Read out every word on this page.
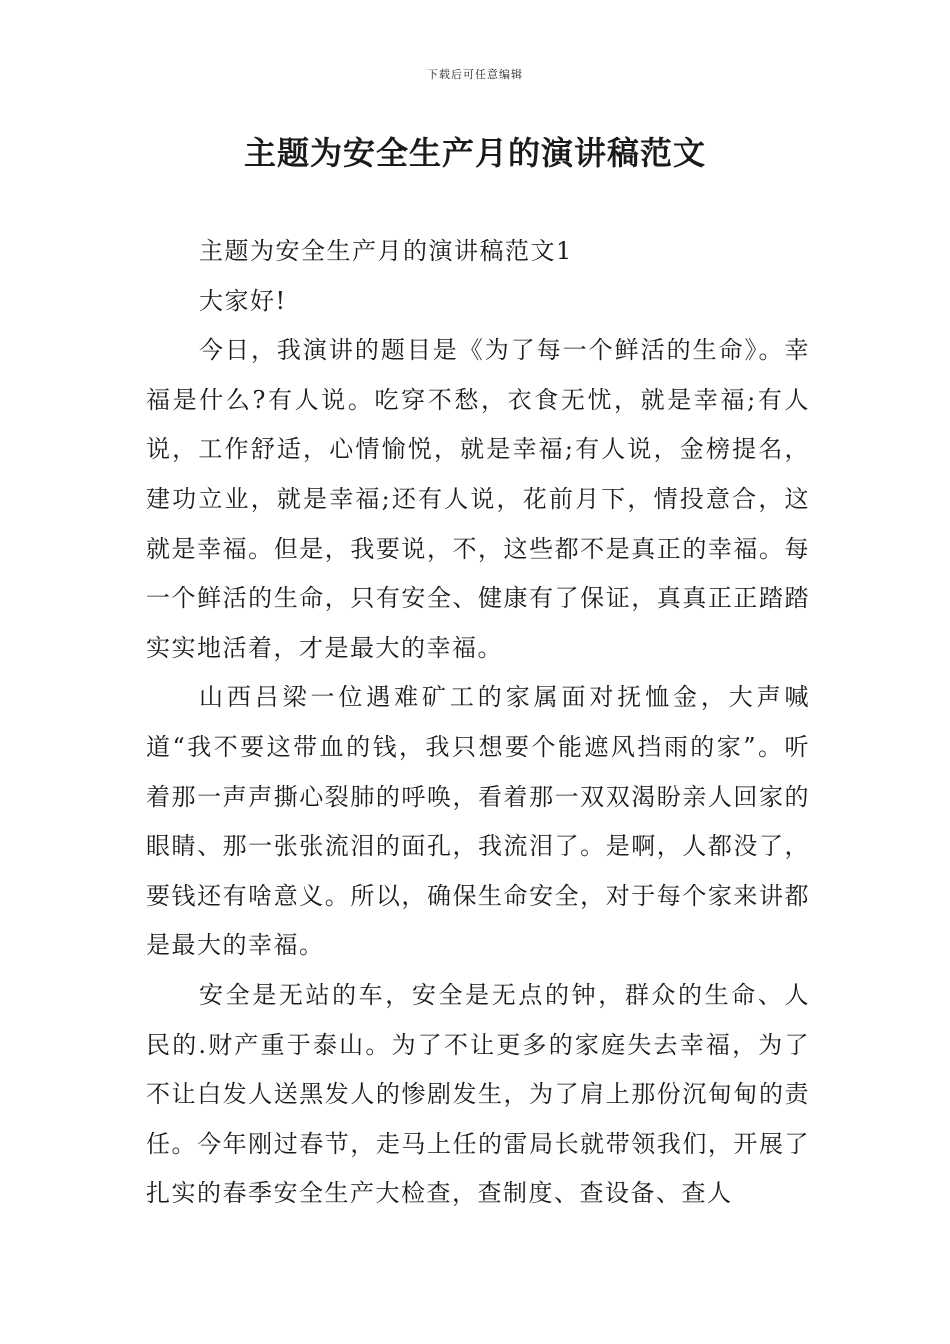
下载后可任意编辑
主题为安全生产月的演讲稿范文

主题为安全生产月的演讲稿范文1

大家好!

今日，我演讲的题目是《为了每一个鲜活的生命》。幸福是什么?有人说。吃穿不愁，衣食无忧，就是幸福;有人说，工作舒适，心情愉悦，就是幸福;有人说，金榜提名，建功立业，就是幸福;还有人说，花前月下，情投意合，这就是幸福。但是，我要说，不，这些都不是真正的幸福。每一个鲜活的生命，只有安全、健康有了保证，真真正正踏踏实实地活着，才是最大的幸福。

山西吕梁一位遇难矿工的家属面对抚恤金，大声喊道“我不要这带血的钱，我只想要个能遮风挡雨的家”。听着那一声声撕心裂肺的呼唤，看着那一双双渴盼亲人回家的眼睛、那一张张流泪的面孔，我流泪了。是啊，人都没了，要钱还有啥意义。所以，确保生命安全，对于每个家来讲都是最大的幸福。

安全是无站的车，安全是无点的钟，群众的生命、人民的.财产重于泰山。为了不让更多的家庭失去幸福，为了不让白发人送黑发人的惨剧发生，为了肩上那份沉甸甸的责任。今年刚过春节，走马上任的雷局长就带领我们，开展了扎实的春季安全生产大检查，查制度、查设备、查人
